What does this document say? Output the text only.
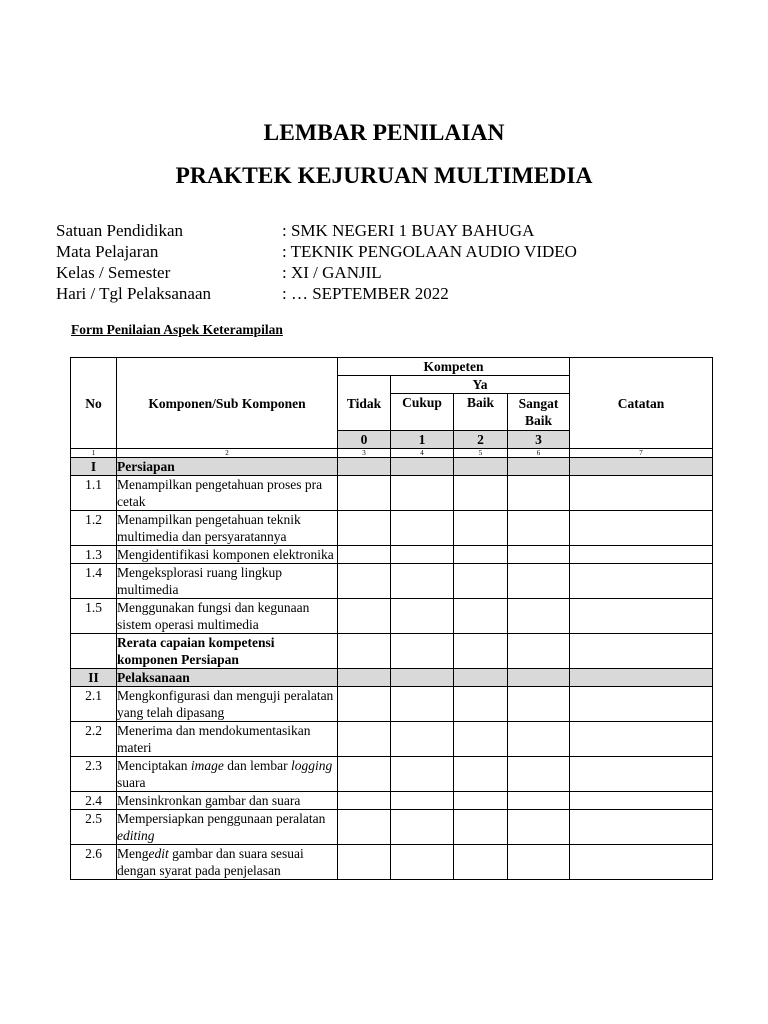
LEMBAR PENILAIAN
PRAKTEK KEJURUAN MULTIMEDIA
Satuan Pendidikan	: SMK NEGERI 1 BUAY BAHUGA
Mata Pelajaran	: TEKNIK PENGOLAAN AUDIO VIDEO
Kelas / Semester	: XI / GANJIL
Hari / Tgl Pelaksanaan	: … SEPTEMBER 2022
Form Penilaian Aspek Keterampilan
No	Komponen/Sub Komponen	Kompeten				Catatan
		Tidak	Ya			
			Cukup	Baik	Sangat Baik	
		0	1	2	3	
1	2	3	4	5	6	7
I	Persiapan					
1.1	Menampilkan pengetahuan proses pra cetak					
1.2	Menampilkan pengetahuan teknik multimedia dan persyaratannya					
1.3	Mengidentifikasi komponen elektronika					
1.4	Mengeksplorasi ruang lingkup multimedia					
1.5	Menggunakan fungsi dan kegunaan sistem operasi multimedia					
	Rerata capaian kompetensi komponen Persiapan					
II	Pelaksanaan					
2.1	Mengkonfigurasi dan menguji peralatan yang telah dipasang					
2.2	Menerima dan mendokumentasikan materi					
2.3	Menciptakan image dan lembar logging suara					
2.4	Mensinkronkan gambar dan suara					
2.5	Mempersiapkan penggunaan peralatan editing					
2.6	Mengedit gambar dan suara sesuai dengan syarat pada penjelasan					
